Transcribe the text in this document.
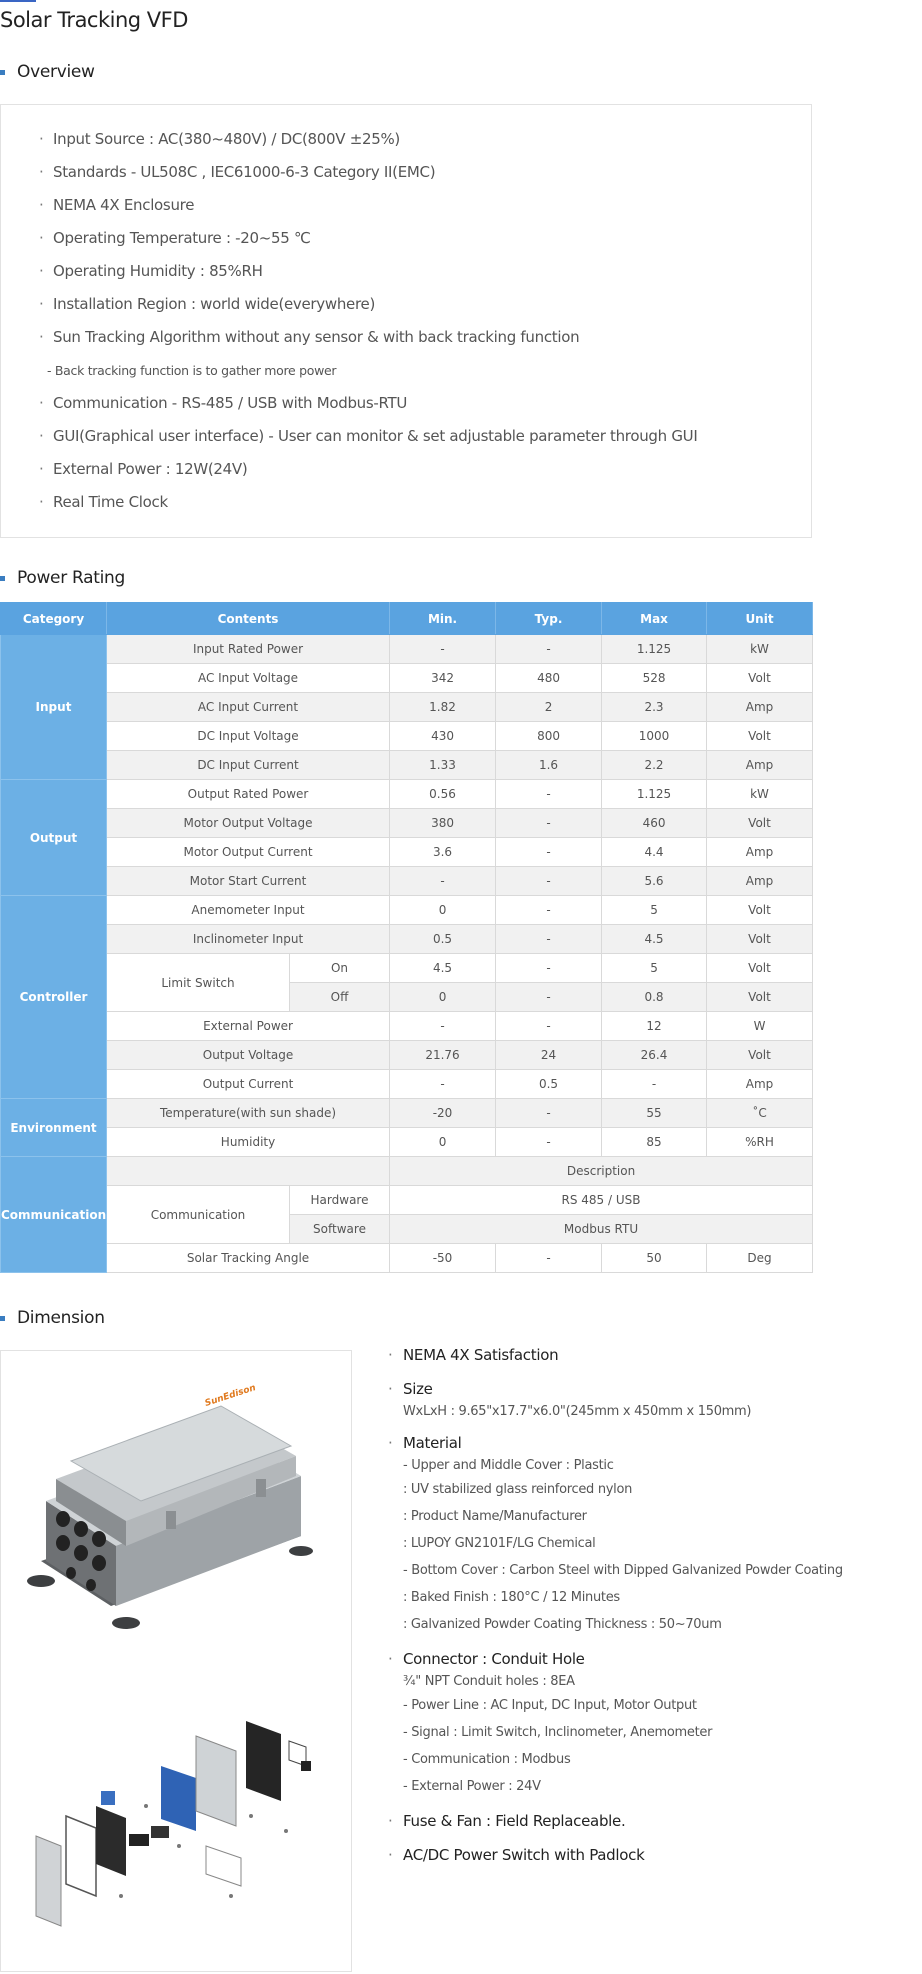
Solar Tracking VFD
Overview
· Input Source : AC(380~480V) / DC(800V ±25%)
· Standards - UL508C , IEC61000-6-3 Category II(EMC)
· NEMA 4X Enclosure
· Operating Temperature : -20~55 ℃
· Operating Humidity : 85%RH
· Installation Region : world wide(everywhere)
· Sun Tracking Algorithm without any sensor & with back tracking function
- Back tracking function is to gather more power
· Communication - RS-485 / USB with Modbus-RTU
· GUI(Graphical user interface) - User can monitor & set adjustable parameter through GUI
· External Power : 12W(24V)
· Real Time Clock
Power Rating
Category	Contents		Min.	Typ.	Max	Unit
Input	Input Rated Power		-	-	1.125	kW
	AC Input Voltage		342	480	528	Volt
	AC Input Current		1.82	2	2.3	Amp
	DC Input Voltage		430	800	1000	Volt
	DC Input Current		1.33	1.6	2.2	Amp
Output	Output Rated Power		0.56	-	1.125	kW
	Motor Output Voltage		380	-	460	Volt
	Motor Output Current		3.6	-	4.4	Amp
	Motor Start Current		-	-	5.6	Amp
Controller	Anemometer Input		0	-	5	Volt
	Inclinometer Input		0.5	-	4.5	Volt
	Limit Switch	On	4.5	-	5	Volt
		Off	0	-	0.8	Volt
	External Power		-	-	12	W
	Output Voltage		21.76	24	26.4	Volt
	Output Current		-	0.5	-	Amp
Environment	Temperature(with sun shade)		-20	-	55	˚C
	Humidity		0	-	85	%RH
Communication			Description			
	Communication	Hardware	RS 485 / USB			
		Software	Modbus RTU			
	Solar Tracking Angle		-50	-	50	Deg
Dimension
SunEdison
· NEMA 4X Satisfaction
· Size
WxLxH : 9.65"x17.7"x6.0"(245mm x 450mm x 150mm)
· Material
- Upper and Middle Cover : Plastic
: UV stabilized glass reinforced nylon
: Product Name/Manufacturer
: LUPOY GN2101F/LG Chemical
- Bottom Cover : Carbon Steel with Dipped Galvanized Powder Coating
: Baked Finish : 180°C / 12 Minutes
: Galvanized Powder Coating Thickness : 50~70um
· Connector : Conduit Hole
¾" NPT Conduit holes : 8EA
- Power Line : AC Input, DC Input, Motor Output
- Signal : Limit Switch, Inclinometer, Anemometer
- Communication : Modbus
- External Power : 24V
· Fuse & Fan : Field Replaceable.
· AC/DC Power Switch with Padlock
